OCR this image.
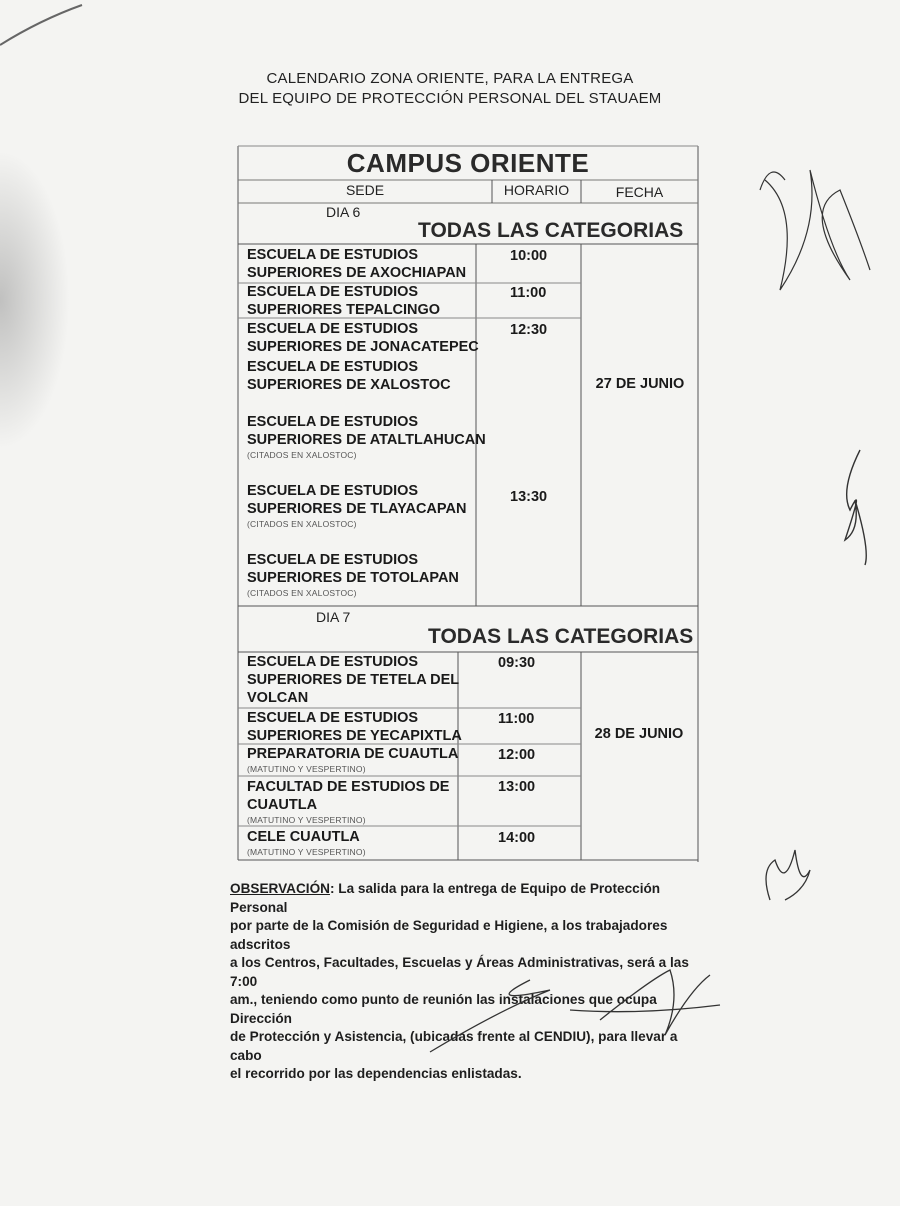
CALENDARIO ZONA ORIENTE, PARA LA ENTREGA
DEL EQUIPO DE PROTECCIÓN PERSONAL DEL STAUAEM
CAMPUS ORIENTE
SEDE	HORARIO	FECHA
DIA 6
TODAS LAS CATEGORIAS
ESCUELA DE ESTUDIOS
SUPERIORES DE AXOCHIAPAN
10:00
ESCUELA DE ESTUDIOS
SUPERIORES TEPALCINGO
11:00
ESCUELA DE ESTUDIOS
SUPERIORES DE JONACATEPEC
12:30
ESCUELA DE ESTUDIOS
SUPERIORES DE XALOSTOC
ESCUELA DE ESTUDIOS
SUPERIORES DE ATALTLAHUCAN
(CITADOS EN XALOSTOC)
ESCUELA DE ESTUDIOS
SUPERIORES DE TLAYACAPAN
(CITADOS EN XALOSTOC)
13:30
ESCUELA DE ESTUDIOS
SUPERIORES DE TOTOLAPAN
(CITADOS EN XALOSTOC)
27 DE JUNIO
DIA 7
TODAS LAS CATEGORIAS
ESCUELA DE ESTUDIOS
SUPERIORES DE TETELA DEL
VOLCAN
09:30
ESCUELA DE ESTUDIOS
SUPERIORES DE YECAPIXTLA
11:00
PREPARATORIA DE CUAUTLA
(MATUTINO Y VESPERTINO)
12:00
FACULTAD DE ESTUDIOS DE
CUAUTLA
(MATUTINO Y VESPERTINO)
13:00
CELE CUAUTLA
(MATUTINO Y VESPERTINO)
14:00
28 DE JUNIO
OBSERVACIÓN: La salida para la entrega de Equipo de Protección Personal
por parte de la Comisión de Seguridad e Higiene, a los trabajadores adscritos
a los Centros, Facultades, Escuelas y Áreas Administrativas, será a las 7:00
am., teniendo como punto de reunión las instalaciones que ocupa Dirección
de Protección y Asistencia, (ubicadas frente al CENDIU), para llevar a cabo
el recorrido por las dependencias enlistadas.
